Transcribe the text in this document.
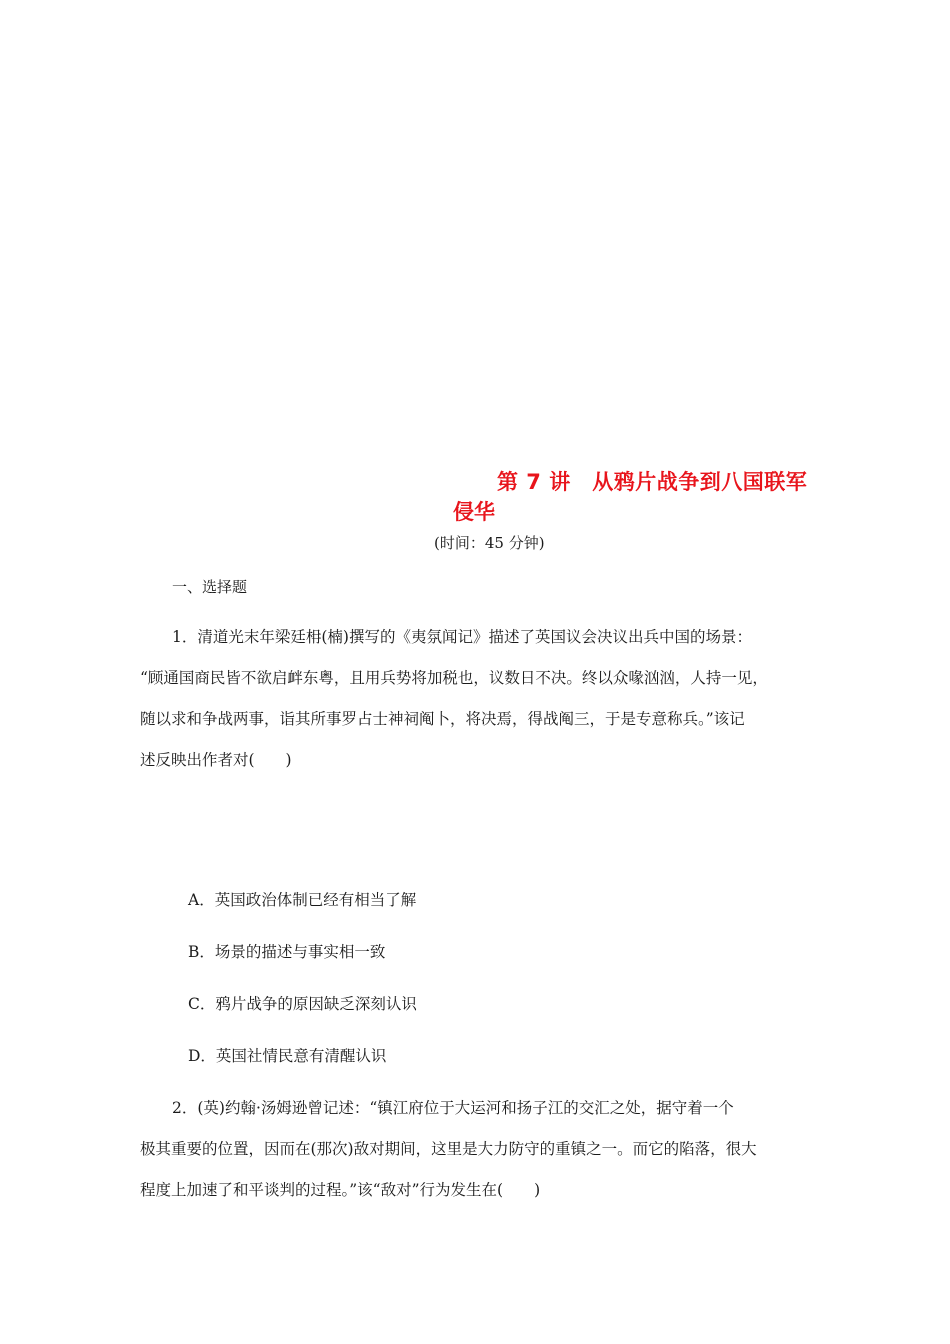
第 7 讲　从鸦片战争到八国联军
侵华
(时间：45 分钟)
一、选择题
1．清道光末年梁廷枏(楠)撰写的《夷氛闻记》描述了英国议会决议出兵中国的场景：
“顾通国商民皆不欲启衅东粤，且用兵势将加税也，议数日不决。终以众喙汹汹，人持一见，
随以求和争战两事，诣其所事罗占士神祠阄卜，将决焉，得战阄三，于是专意称兵。”该记
述反映出作者对(　　)
A．英国政治体制已经有相当了解
B．场景的描述与事实相一致
C．鸦片战争的原因缺乏深刻认识
D．英国社情民意有清醒认识
2．(英)约翰·汤姆逊曾记述：“镇江府位于大运河和扬子江的交汇之处，据守着一个
极其重要的位置，因而在(那次)敌对期间，这里是大力防守的重镇之一。而它的陷落，很大
程度上加速了和平谈判的过程。”该“敌对”行为发生在(　　)
